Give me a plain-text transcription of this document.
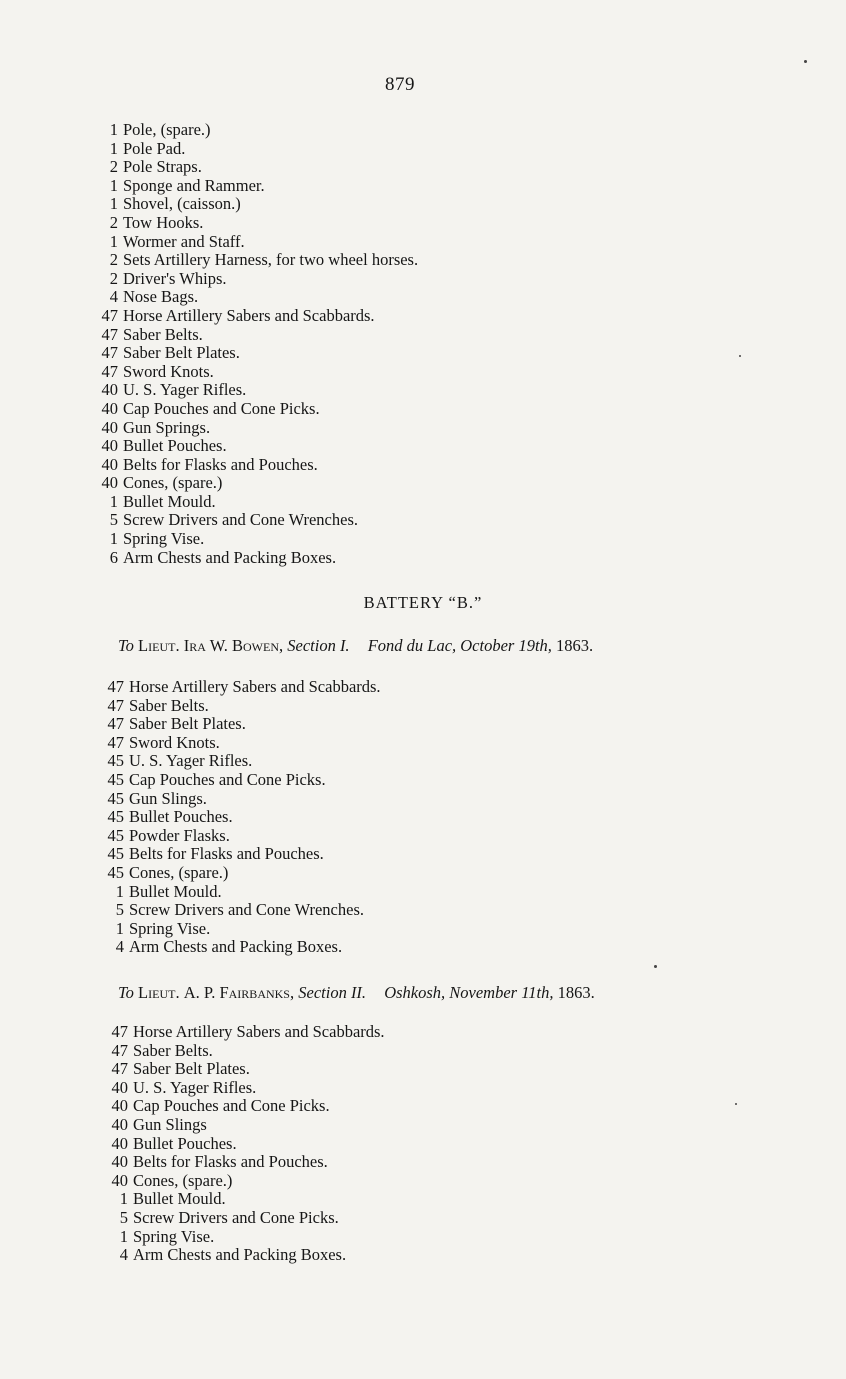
879
1 Pole, (spare.)
1 Pole Pad.
2 Pole Straps.
1 Sponge and Rammer.
1 Shovel, (caisson.)
2 Tow Hooks.
1 Wormer and Staff.
2 Sets Artillery Harness, for two wheel horses.
2 Driver's Whips.
4 Nose Bags.
47 Horse Artillery Sabers and Scabbards.
47 Saber Belts.
47 Saber Belt Plates.
47 Sword Knots.
40 U. S. Yager Rifles.
40 Cap Pouches and Cone Picks.
40 Gun Springs.
40 Bullet Pouches.
40 Belts for Flasks and Pouches.
40 Cones, (spare.)
1 Bullet Mould.
5 Screw Drivers and Cone Wrenches.
1 Spring Vise.
6 Arm Chests and Packing Boxes.
BATTERY “B.”
To Lieut. Ira W. Bowen, Section I. Fond du Lac, October 19th, 1863.
47 Horse Artillery Sabers and Scabbards.
47 Saber Belts.
47 Saber Belt Plates.
47 Sword Knots.
45 U. S. Yager Rifles.
45 Cap Pouches and Cone Picks.
45 Gun Slings.
45 Bullet Pouches.
45 Powder Flasks.
45 Belts for Flasks and Pouches.
45 Cones, (spare.)
1 Bullet Mould.
5 Screw Drivers and Cone Wrenches.
1 Spring Vise.
4 Arm Chests and Packing Boxes.
To Lieut. A. P. Fairbanks, Section II. Oshkosh, November 11th, 1863.
47 Horse Artillery Sabers and Scabbards.
47 Saber Belts.
47 Saber Belt Plates.
40 U. S. Yager Rifles.
40 Cap Pouches and Cone Picks.
40 Gun Slings
40 Bullet Pouches.
40 Belts for Flasks and Pouches.
40 Cones, (spare.)
1 Bullet Mould.
5 Screw Drivers and Cone Picks.
1 Spring Vise.
4 Arm Chests and Packing Boxes.
